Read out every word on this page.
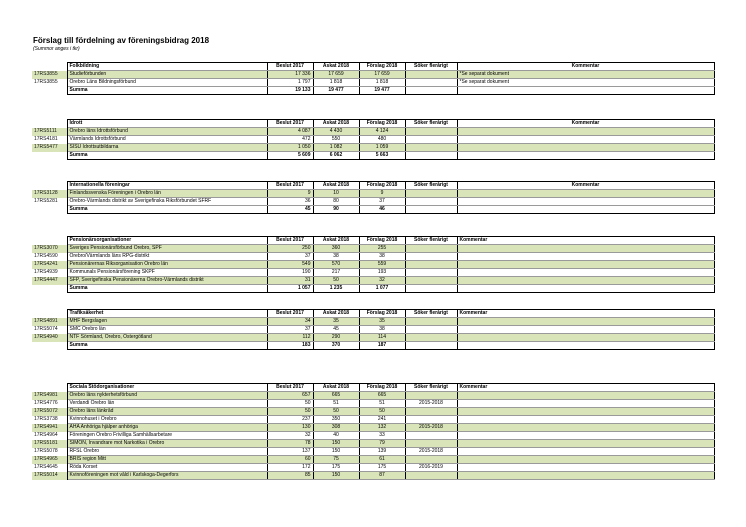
Förslag till fördelning av föreningsbidrag 2018
(Summor anges i tkr)
	Folkbildning	Beslut 2017	Äskat 2018	Förslag 2018	Söker flerårigt	Kommentar
17RS3855	Studieförbunden	17 336	17 659	17 659		*Se separat dokument
17RS3855	Örebro Läns Bildningsförbund	1 797	1 818	1 818		*Se separat dokument
	Summa	19 133	19 477	19 477		
	Idrott	Beslut 2017	Äskat 2018	Förslag 2018	Söker flerårigt	Kommentar
17RS5111	Örebro läns Idrottsförbund	4 087	4 430	4 124		
17RS4181	Värmlands Idrottsförbund	472	550	480		
17RS5477	SISU Idrottsutbildarna	1 050	1 082	1 059		
	Summa	5 609	6 062	5 663		
	Internationella föreningar	Beslut 2017	Äskat 2018	Förslag 2018	Söker flerårigt	Kommentar
17RS3128	Finlandssvenska Föreningen i Örebro län	9	10	9		
17RS5281	Örebro-Värmlands distrikt av Sverigefinska Riksförbundet SFRF	36	80	37		
	Summa	45	90	46		
	Pensionärsorganisationer	Beslut 2017	Äskat 2018	Förslag 2018	Söker flerårigt	Kommentar
17RS3070	Sveriges Pensionärsförbund Örebro, SPF	250	360	255		
17RS4590	Örebro/Värmlands läns RPG-distrikt	37	38	38		
17RS4241	Pensionärernas Riksorganisation Örebro län	549	570	559		
17RS4939	Kommunals Pensionärsförening SKPF	190	217	193		
17RS4447	SFP, Sverigefinska Pensionärerna Örebro-Värmlands distrikt	31	50	32		
	Summa	1 057	1 235	1 077		
	Trafiksäkerhet	Beslut 2017	Äskat 2018	Förslag 2018	Söker flerårigt	Kommentar
17RS4891	MHF Bergslagen	34	35	35		
17RS5074	SMC Örebro län	37	45	38		
17RS4940	NTF Sörmland, Örebro, Östergötland	112	290	114		
	Summa	183	370	187		
	Sociala Stödorganisationer	Beslut 2017	Äskat 2018	Förslag 2018	Söker flerårigt	Kommentar
17RS4981	Örebro läns nykterhetsförbund	657	665	665		
17RS4776	Verdandi Örebro län	50	51	51	2015-2018	
17RS5072	Örebro läns länkråd	50	50	50		
17RS3738	Kvinnohuset i Örebro	237	350	241		
17RS4941	AHA Anhöriga hjälper anhöriga	130	308	132	2015-2018	
17RS4964	Föreningen Örebro Frivilliga Samhällsarbetare	32	40	33		
17RS5181	SIMON, Invandrare mot Narkotika i Örebro	78	150	79		
17RS5078	RFSL Örebro	137	150	139	2015-2018	
17RS4965	BRIS region Mitt	60	75	61		
17RS4645	Röda Korset	172	175	175	2016-2019	
17RS5014	Kvinnoföreningen mot våld i Karlskoga-Degerfors	85	150	87		
